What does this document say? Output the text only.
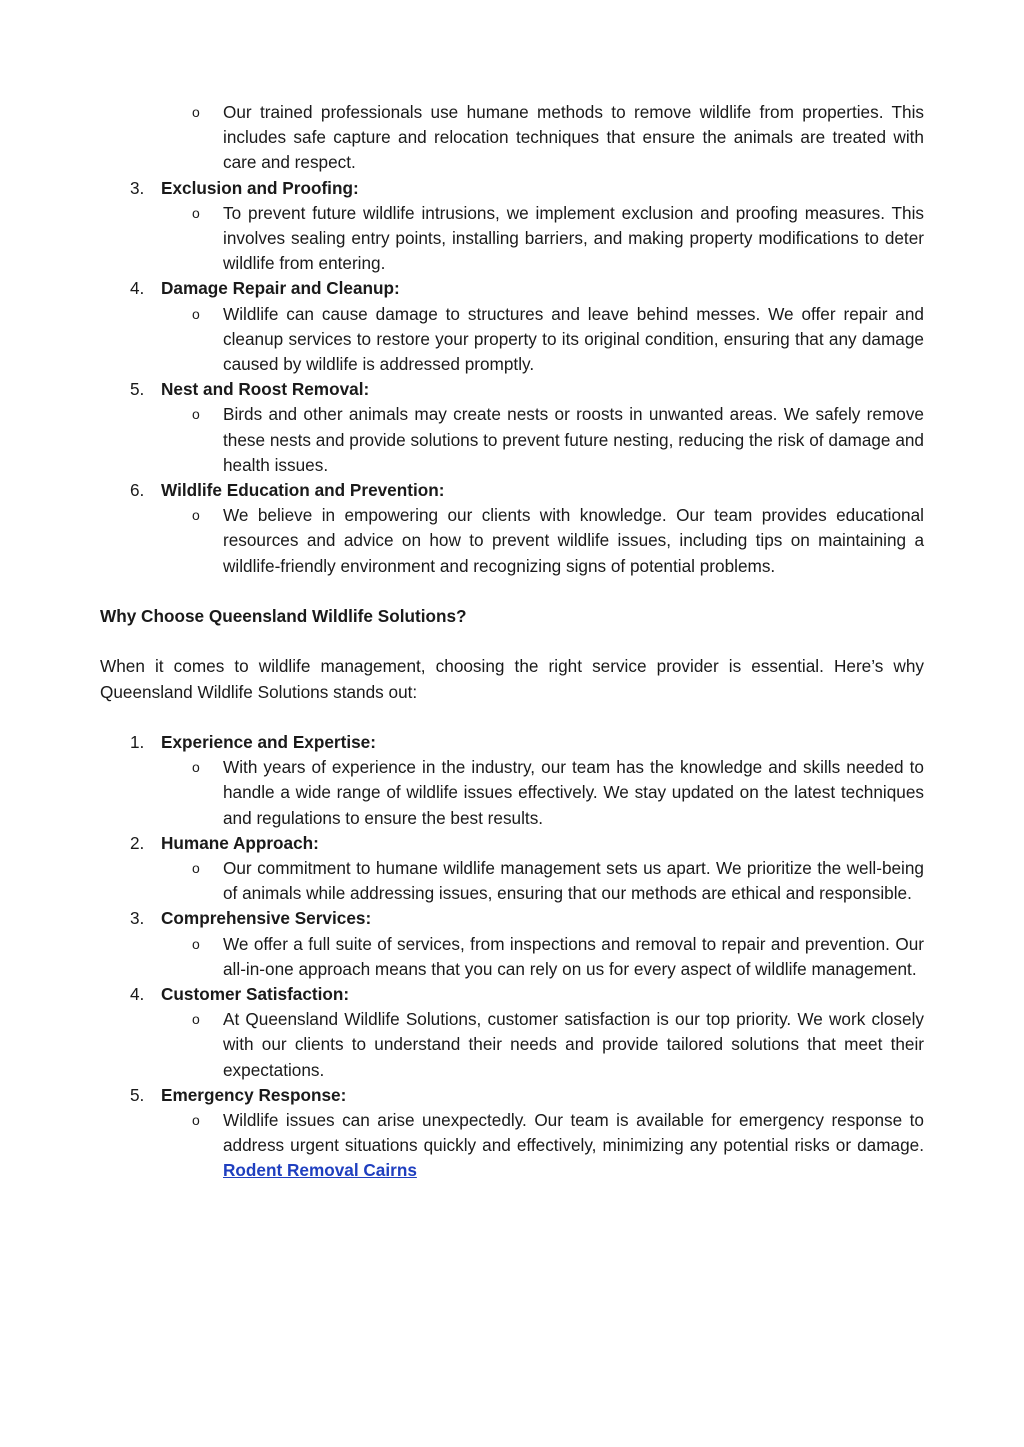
o Our trained professionals use humane methods to remove wildlife from properties. This includes safe capture and relocation techniques that ensure the animals are treated with care and respect.

3. Exclusion and Proofing:

o To prevent future wildlife intrusions, we implement exclusion and proofing measures. This involves sealing entry points, installing barriers, and making property modifications to deter wildlife from entering.

4. Damage Repair and Cleanup:

o Wildlife can cause damage to structures and leave behind messes. We offer repair and cleanup services to restore your property to its original condition, ensuring that any damage caused by wildlife is addressed promptly.

5. Nest and Roost Removal:

o Birds and other animals may create nests or roosts in unwanted areas. We safely remove these nests and provide solutions to prevent future nesting, reducing the risk of damage and health issues.

6. Wildlife Education and Prevention:

o We believe in empowering our clients with knowledge. Our team provides educational resources and advice on how to prevent wildlife issues, including tips on maintaining a wildlife-friendly environment and recognizing signs of potential problems.

Why Choose Queensland Wildlife Solutions?

When it comes to wildlife management, choosing the right service provider is essential. Here’s why Queensland Wildlife Solutions stands out:

1. Experience and Expertise:

o With years of experience in the industry, our team has the knowledge and skills needed to handle a wide range of wildlife issues effectively. We stay updated on the latest techniques and regulations to ensure the best results.

2. Humane Approach:

o Our commitment to humane wildlife management sets us apart. We prioritize the well-being of animals while addressing issues, ensuring that our methods are ethical and responsible.

3. Comprehensive Services:

o We offer a full suite of services, from inspections and removal to repair and prevention. Our all-in-one approach means that you can rely on us for every aspect of wildlife management.

4. Customer Satisfaction:

o At Queensland Wildlife Solutions, customer satisfaction is our top priority. We work closely with our clients to understand their needs and provide tailored solutions that meet their expectations.

5. Emergency Response:

o Wildlife issues can arise unexpectedly. Our team is available for emergency response to address urgent situations quickly and effectively, minimizing any potential risks or damage. Rodent Removal Cairns
